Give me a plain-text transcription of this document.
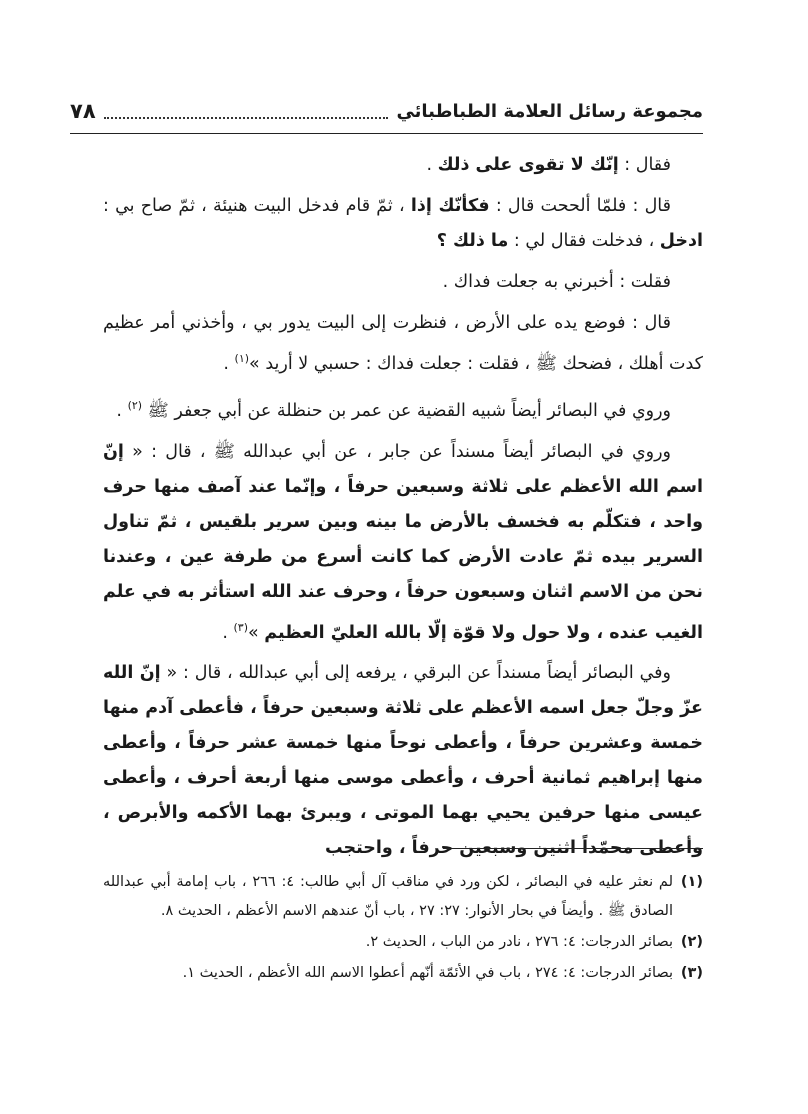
مجموعة رسائل العلامة الطباطبائي
٧٨

فقال : إنّك لا تقوى على ذلك .

قال : فلمّا ألححت قال : فكأنّك إذا ، ثمّ قام فدخل البيت هنيئة ، ثمّ صاح بي : ادخل ، فدخلت فقال لي : ما ذلك ؟

فقلت : أخبرني به جعلت فداك .

قال : فوضع يده على الأرض ، فنظرت إلى البيت يدور بي ، وأخذني أمر عظيم كدت أهلك ، فضحك ﷺ ، فقلت : جعلت فداك : حسبي لا أريد »$^{(١)}$ .

وروي في البصائر أيضاً شبيه القضية عن عمر بن حنظلة عن أبي جعفر ﷺ $^{(٢)}$ .

وروي في البصائر أيضاً مسنداً عن جابر ، عن أبي عبدالله ﷺ ، قال : « إنّ اسم الله الأعظم على ثلاثة وسبعين حرفاً ، وإنّما عند آصف منها حرف واحد ، فتكلّم به فخسف بالأرض ما بينه وبين سرير بلقيس ، ثمّ تناول السرير بيده ثمّ عادت الأرض كما كانت أسرع من طرفة عين ، وعندنا نحن من الاسم اثنان وسبعون حرفاً ، وحرف عند الله استأثر به في علم الغيب عنده ، ولا حول ولا قوّة إلّا بالله العليّ العظيم »$^{(٣)}$ .

وفي البصائر أيضاً مسنداً عن البرقي ، يرفعه إلى أبي عبدالله ، قال : « إنّ الله عزّ وجلّ جعل اسمه الأعظم على ثلاثة وسبعين حرفاً ، فأعطى آدم منها خمسة وعشرين حرفاً ، وأعطى نوحاً منها خمسة عشر حرفاً ، وأعطى منها إبراهيم ثمانية أحرف ، وأعطى موسى منها أربعة أحرف ، وأعطى عيسى منها حرفين يحيي بهما الموتى ، ويبرئ بهما الأكمه والأبرص ، وأعطى محمّداً اثنين وسبعين حرفاً ، واحتجب

(١)لم نعثر عليه في البصائر ، لكن ورد في مناقب آل أبي طالب: ٤: ٢٦٦ ، باب إمامة أبي عبدالله الصادق ﷺ . وأيضاً في بحار الأنوار: ٢٧: ٢٧ ، باب أنّ عندهم الاسم الأعظم ، الحديث ٨.
(٢)بصائر الدرجات: ٤: ٢٧٦ ، نادر من الباب ، الحديث ٢.
(٣)بصائر الدرجات: ٤: ٢٧٤ ، باب في الأئمّة أنّهم أعطوا الاسم الله الأعظم ، الحديث ١.
